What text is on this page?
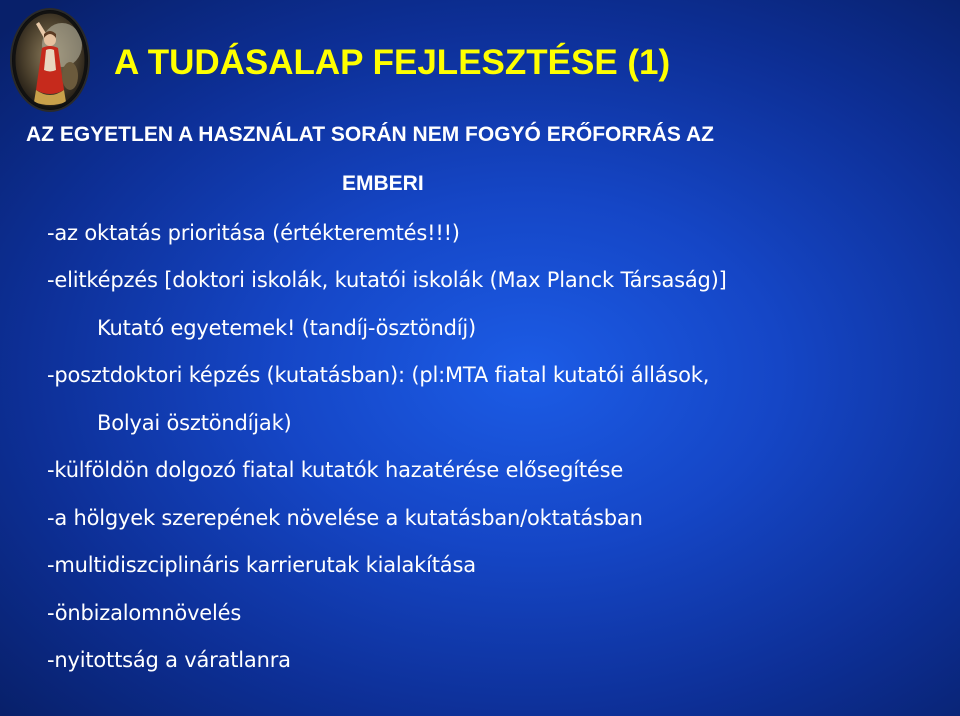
A TUDÁSALAP FEJLESZTÉSE (1)

AZ EGYETLEN A HASZNÁLAT SORÁN NEM FOGYÓ ERŐFORRÁS AZ

EMBERI

-az oktatás prioritása (értékteremtés!!!)

-elitképzés [doktori iskolák, kutatói iskolák (Max Planck Társaság)]

Kutató egyetemek! (tandíj-ösztöndíj)

-posztdoktori képzés (kutatásban): (pl:MTA fiatal kutatói állások,

Bolyai ösztöndíjak)

-külföldön dolgozó fiatal kutatók hazatérése elősegítése

-a hölgyek szerepének növelése a kutatásban/oktatásban

-multidiszciplináris karrierutak kialakítása

-önbizalomnövelés

-nyitottság a váratlanra
